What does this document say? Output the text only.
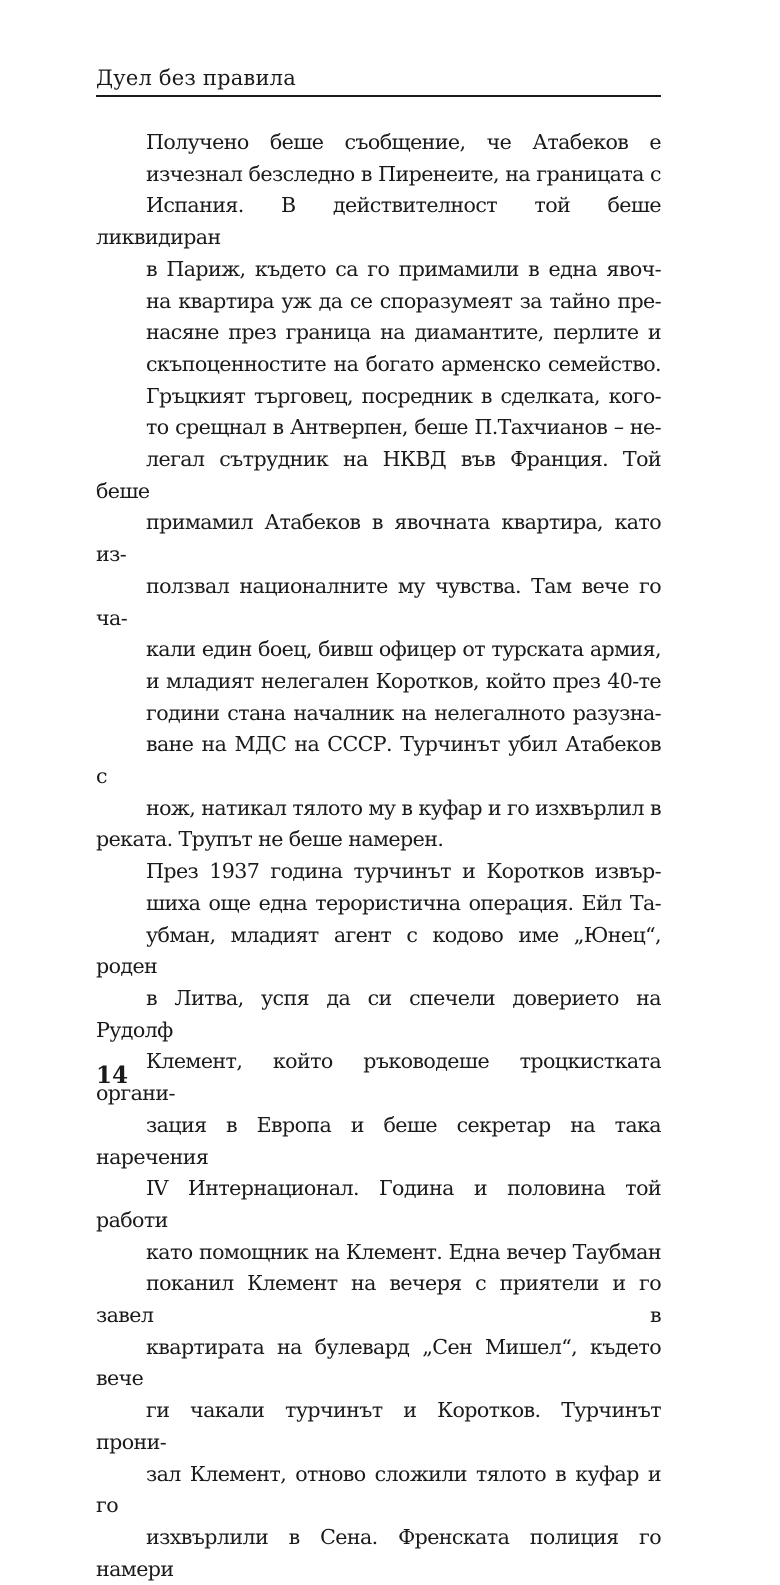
Дуел без правила

Получено беше съобщение, че Атабеков е
изчезнал безследно в Пиренеите, на границата с
Испания. В действителност той беше ликвидиран
в Париж, където са го примамили в една явоч-
на квартира уж да се споразумеят за тайно пре-
насяне през граница на диамантите, перлите и
скъпоценностите на богато арменско семейство.
Гръцкият търговец, посредник в сделката, кого-
то срещнал в Антверпен, беше П.Тахчианов – не-
легал сътрудник на НКВД във Франция. Той беше
примамил Атабеков в явочната квартира, като из-
ползвал националните му чувства. Там вече го ча-
кали един боец, бивш офицер от турската армия,
и младият нелегален Коротков, който през 40-те
години стана началник на нелегалното разузна-
ване на МДС на СССР. Турчинът убил Атабеков с
нож, натикал тялото му в куфар и го изхвърлил в

реката. Трупът не беше намерен.

През 1937 година турчинът и Коротков извър-
шиха още една терористична операция. Ейл Та-
убман, младият агент с кодово име „Юнец“, роден
в Литва, успя да си спечели доверието на Рудолф
Клемент, който ръководеше троцкистката органи-
зация в Европа и беше секретар на така наречения
IV Интернационал. Година и половина той работи
като помощник на Клемент. Една вечер Таубман
поканил Клемент на вечеря с приятели и го завел в
квартирата на булевард „Сен Мишел“, където вече
ги чакали турчинът и Коротков. Турчинът прони-
зал Клемент, отново сложили тялото в куфар и го
изхвърлили в Сена. Френската полиция го намери

14
